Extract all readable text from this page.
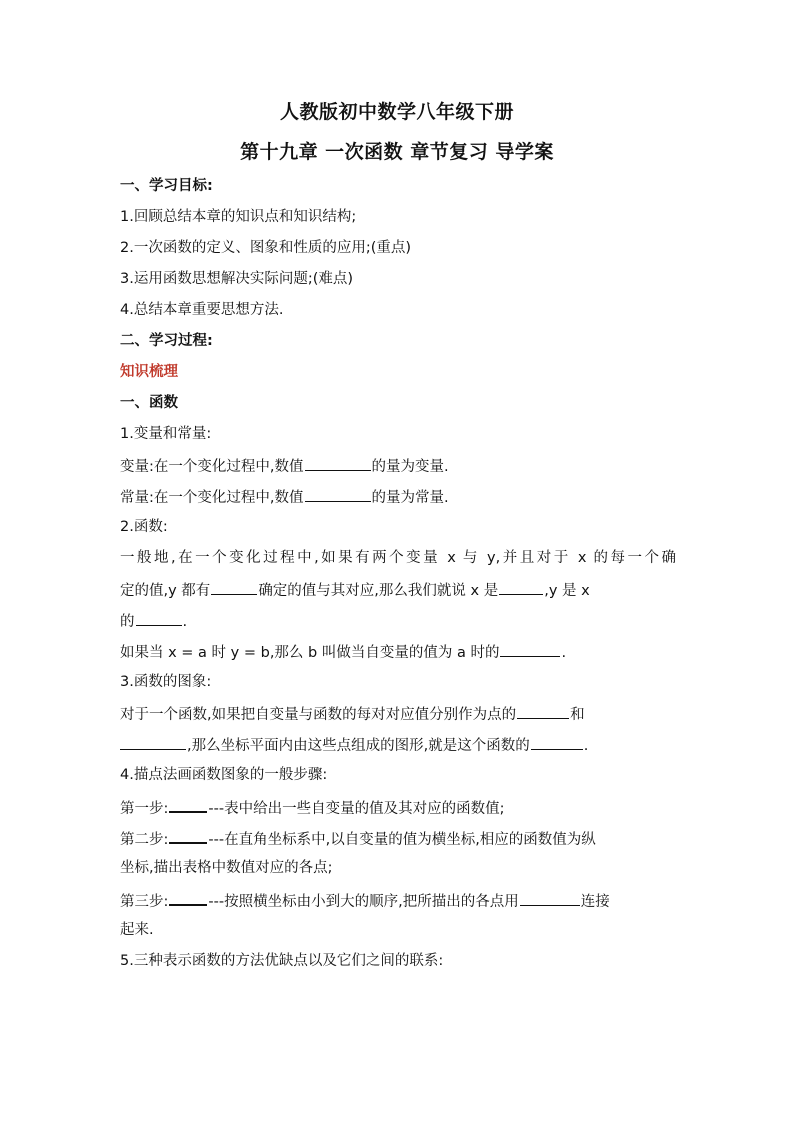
人教版初中数学八年级下册
第十九章 一次函数 章节复习 导学案
一、学习目标:
1.回顾总结本章的知识点和知识结构;
2.一次函数的定义、图象和性质的应用;(重点)
3.运用函数思想解决实际问题;(难点)
4.总结本章重要思想方法.
二、学习过程:
知识梳理
一、函数
1.变量和常量:
变量:在一个变化过程中,数值	的量为变量.
常量:在一个变化过程中,数值	的量为常量.
2.函数:
一般地,在一个变化过程中,如果有两个变量 x 与 y,并且对于 x 的每一个确
定的值,y 都有	确定的值与其对应,那么我们就说 x 是	,y 是 x
的	.
如果当 x = a 时 y = b,那么 b 叫做当自变量的值为 a 时的	.
3.函数的图象:
对于一个函数,如果把自变量与函数的每对对应值分别作为点的	和
,那么坐标平面内由这些点组成的图形,就是这个函数的	.
4.描点法画函数图象的一般步骤:
第一步:	---表中给出一些自变量的值及其对应的函数值;
第二步:	---在直角坐标系中,以自变量的值为横坐标,相应的函数值为纵
坐标,描出表格中数值对应的各点;
第三步:	---按照横坐标由小到大的顺序,把所描出的各点用	连接
起来.
5.三种表示函数的方法优缺点以及它们之间的联系:
